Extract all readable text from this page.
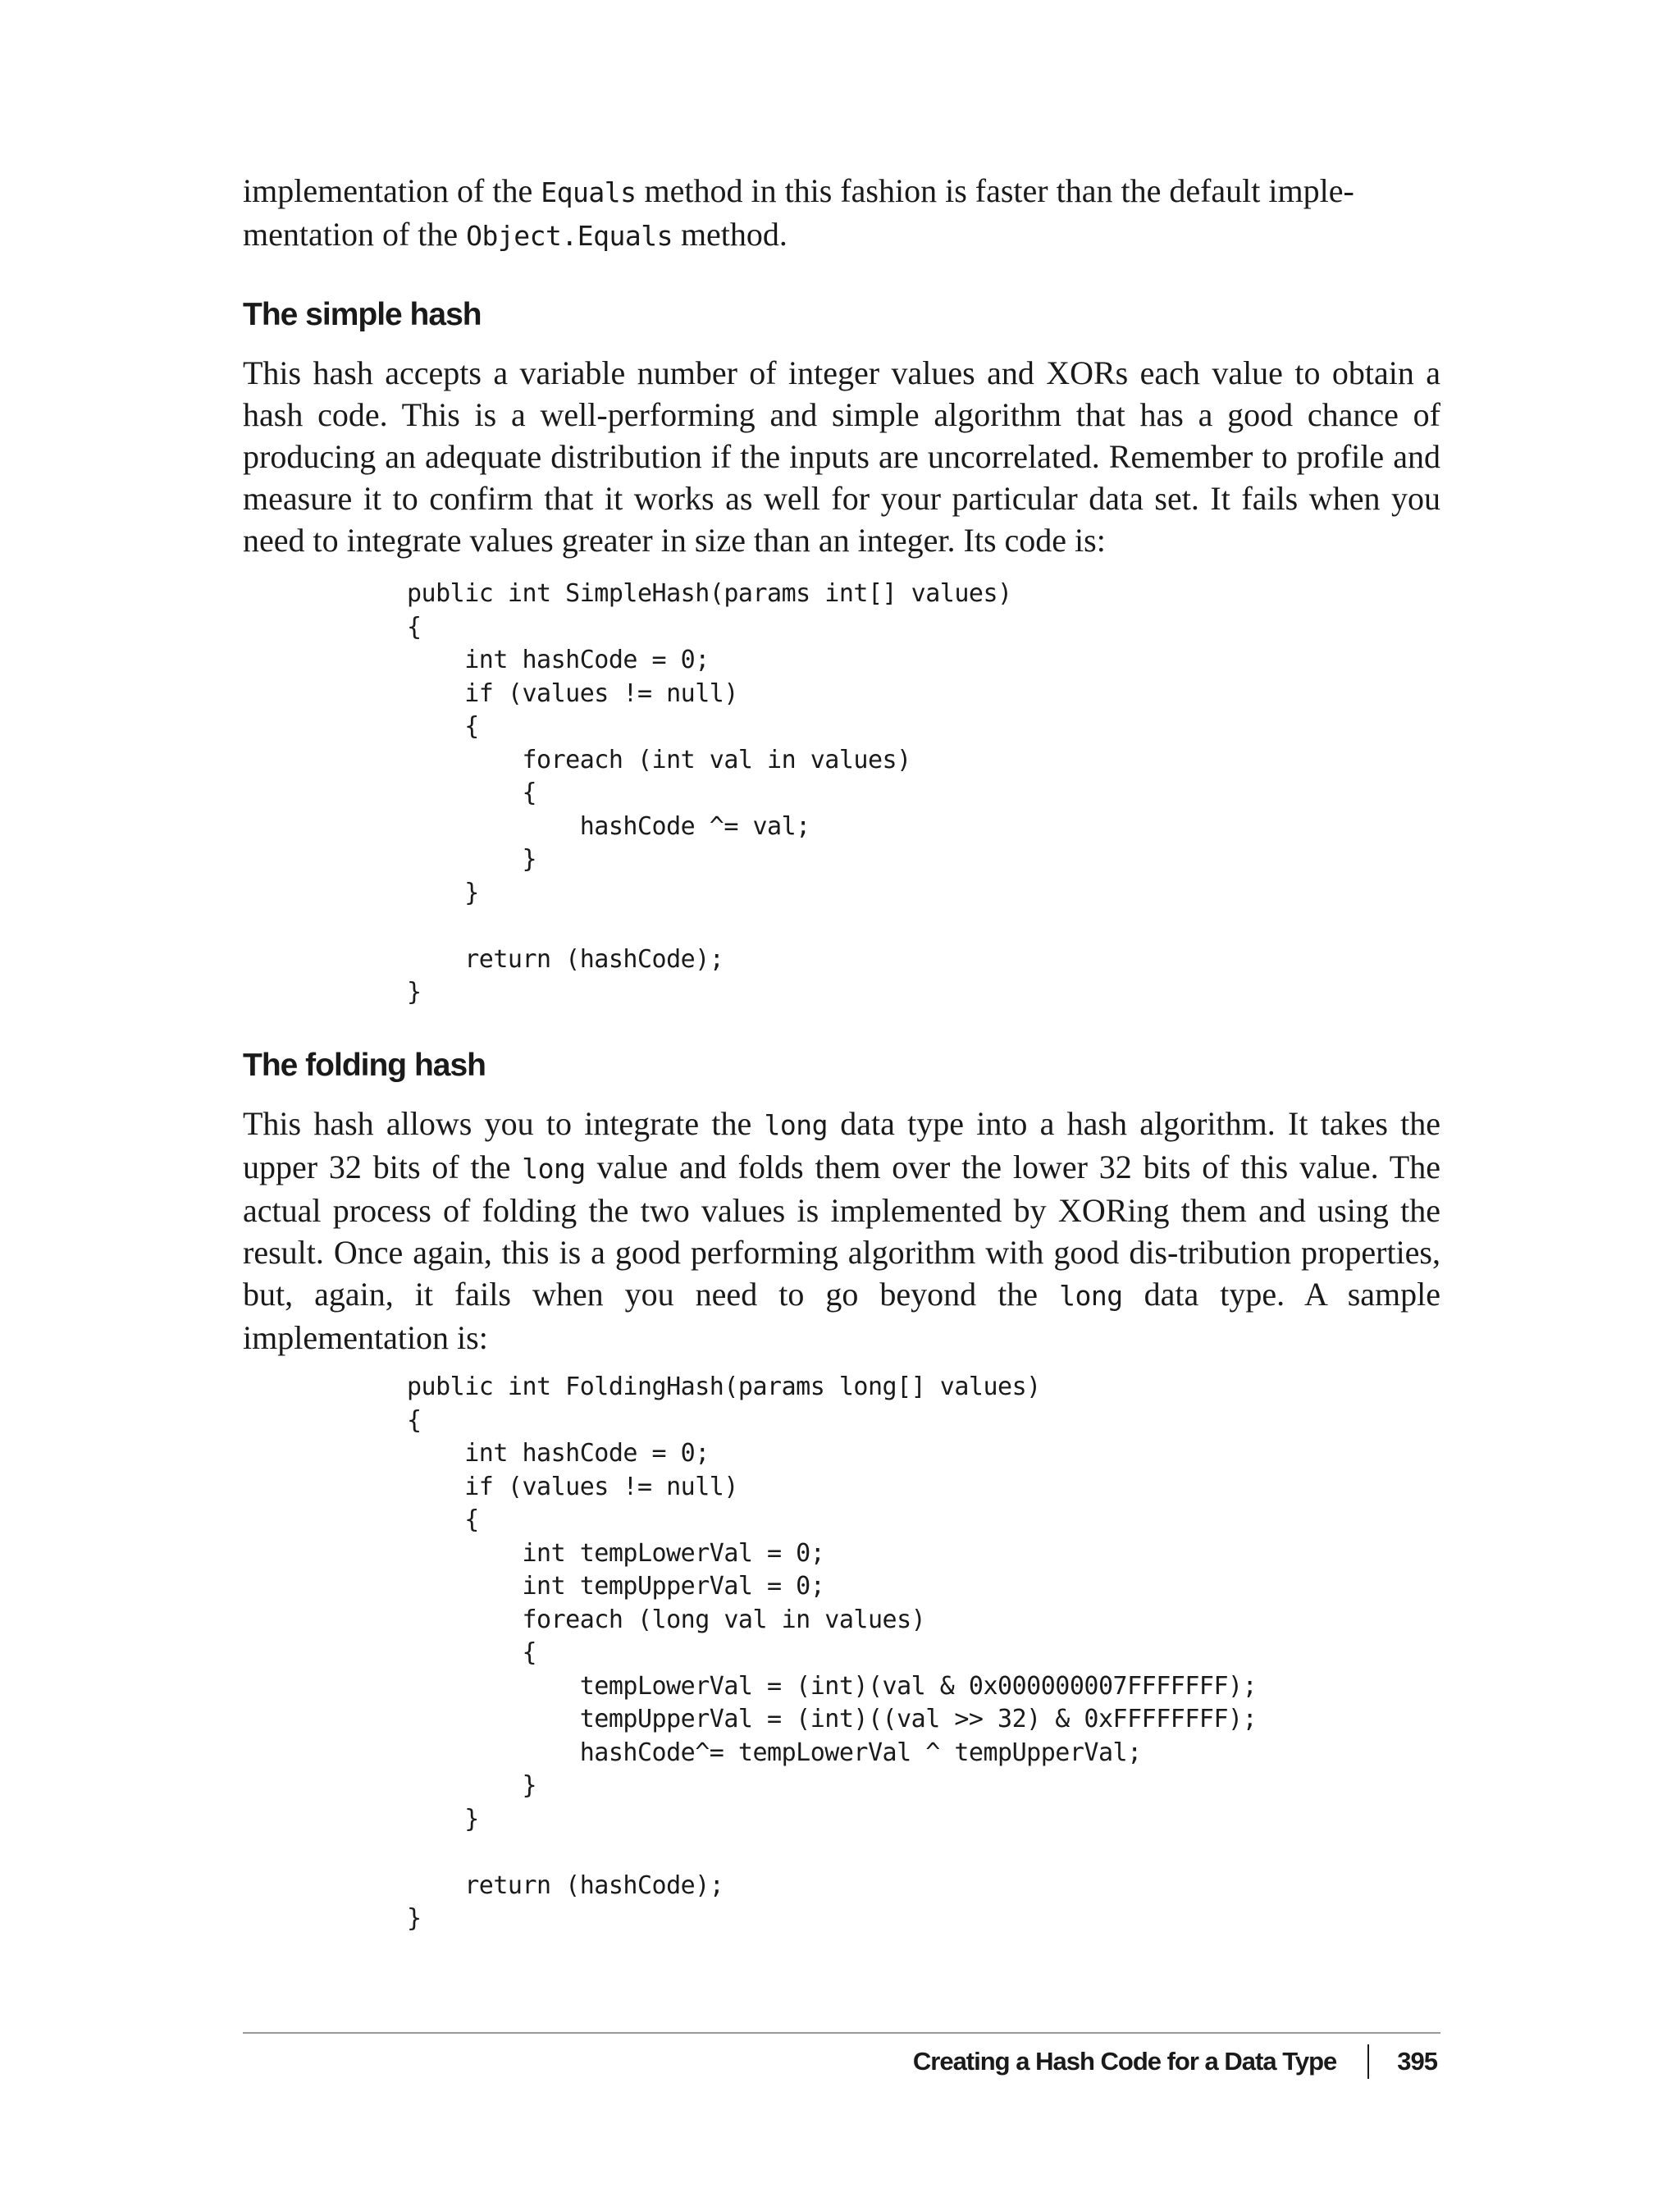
implementation of the Equals method in this fashion is faster than the default imple-
mentation of the Object.Equals method.

The simple hash

This hash accepts a variable number of integer values and XORs each value to obtain a hash code. This is a well-performing and simple algorithm that has a good chance of producing an adequate distribution if the inputs are uncorrelated. Remember to profile and measure it to confirm that it works as well for your particular data set. It fails when you need to integrate values greater in size than an integer. Its code is:

public int SimpleHash(params int[] values)
{
int hashCode = 0;
if (values != null)
{
foreach (int val in values)
{
hashCode ^= val;
}
}

return (hashCode);
}
The folding hash

This hash allows you to integrate the long data type into a hash algorithm. It takes the upper 32 bits of the long value and folds them over the lower 32 bits of this value. The actual process of folding the two values is implemented by XORing them and using the result. Once again, this is a good performing algorithm with good dis-tribution properties, but, again, it fails when you need to go beyond the long data type. A sample implementation is:

public int FoldingHash(params long[] values)
{
int hashCode = 0;
if (values != null)
{
int tempLowerVal = 0;
int tempUpperVal = 0;
foreach (long val in values)
{
tempLowerVal = (int)(val & 0x000000007FFFFFFF);
tempUpperVal = (int)((val >> 32) & 0xFFFFFFFF);
hashCode^= tempLowerVal ^ tempUpperVal;
}
}

return (hashCode);
}
Creating a Hash Code for a Data Type 395
